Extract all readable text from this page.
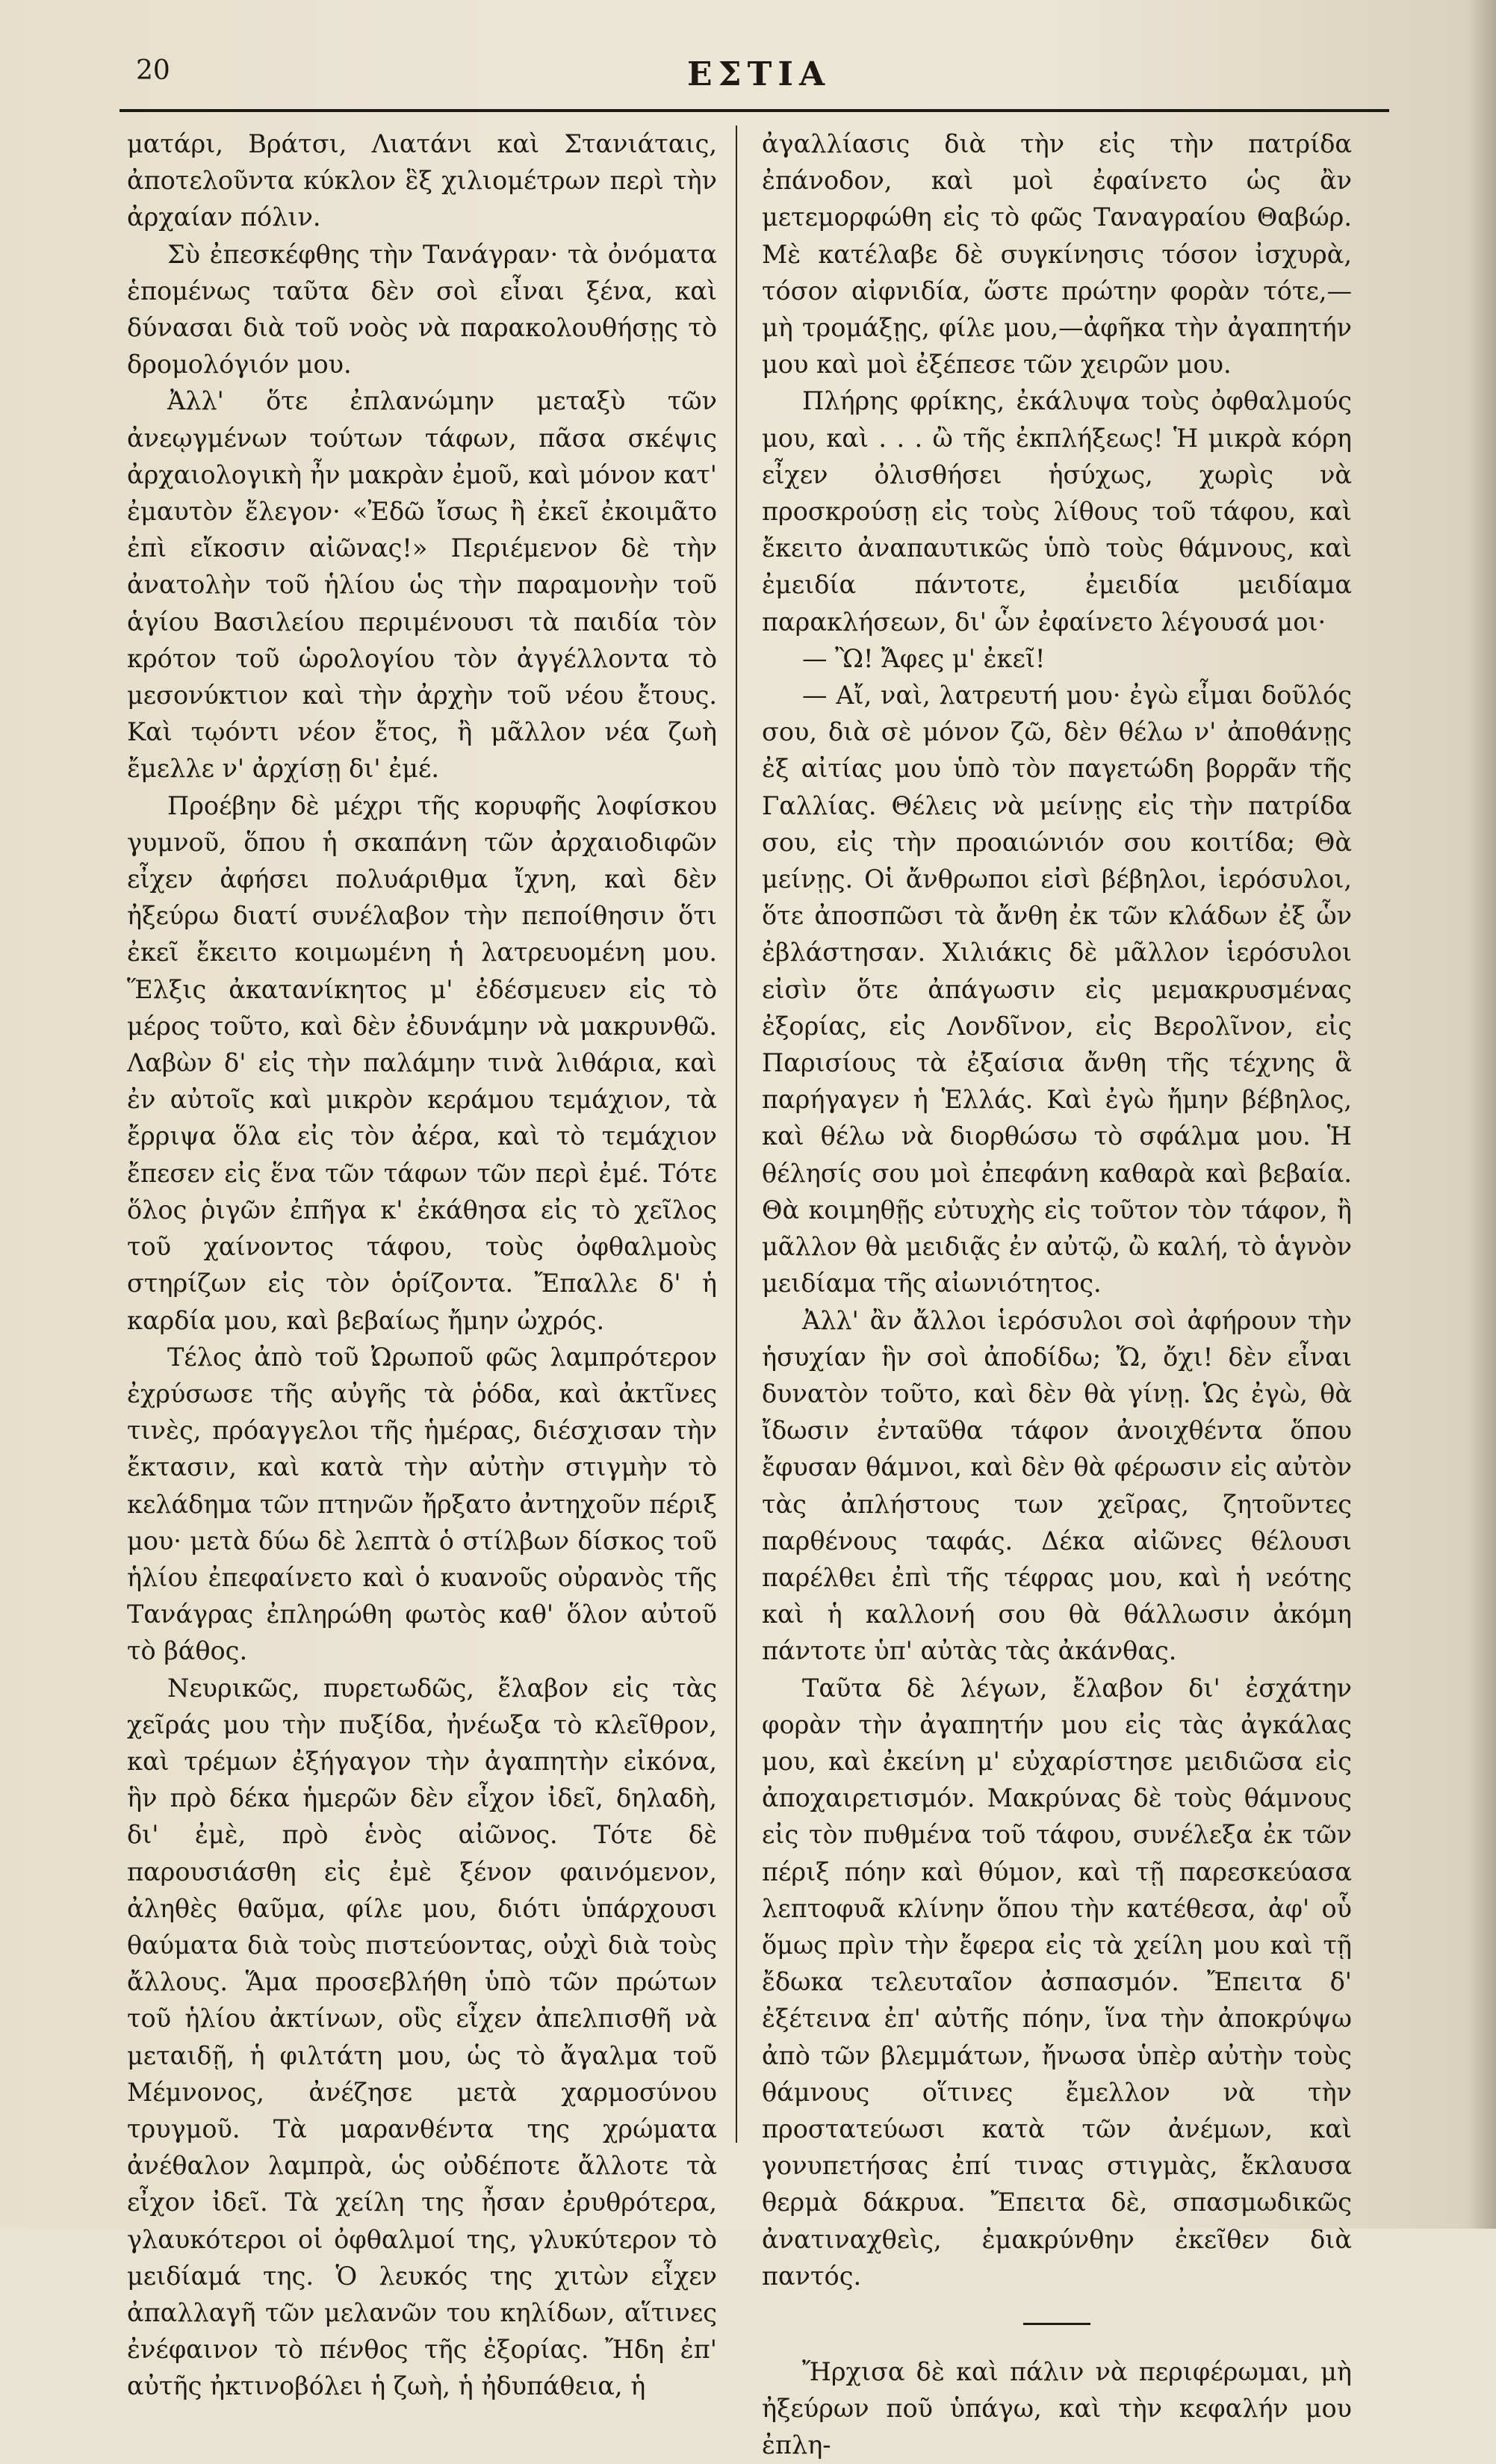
20	ΕΣΤΙΑ

ματάρι, Βράτσι, Λιατάνι καὶ Στανιάταις, ἀποτελοῦντα κύκλον ἓξ χιλιομέτρων περὶ τὴν ἀρχαίαν πόλιν.

Σὺ ἐπεσκέφθης τὴν Τανάγραν· τὰ ὀνόματα ἑπομένως ταῦτα δὲν σοὶ εἶναι ξένα, καὶ δύνασαι διὰ τοῦ νοὸς νὰ παρακολουθήσῃς τὸ δρομολόγιόν μου.

Ἀλλ' ὅτε ἐπλανώμην μεταξὺ τῶν ἀνεῳγμένων τούτων τάφων, πᾶσα σκέψις ἀρχαιολογικὴ ἦν μακρὰν ἐμοῦ, καὶ μόνον κατ' ἐμαυτὸν ἔλεγον· «Ἐδῶ ἴσως ἢ ἐκεῖ ἐκοιμᾶτο ἐπὶ εἴκοσιν αἰῶνας!» Περιέμενον δὲ τὴν ἀνατολὴν τοῦ ἡλίου ὡς τὴν παραμονὴν τοῦ ἁγίου Βασιλείου περιμένουσι τὰ παιδία τὸν κρότον τοῦ ὡρολογίου τὸν ἀγγέλλοντα τὸ μεσονύκτιον καὶ τὴν ἀρχὴν τοῦ νέου ἔτους. Καὶ τῳόντι νέον ἔτος, ἢ μᾶλλον νέα ζωὴ ἔμελλε ν' ἀρχίσῃ δι' ἐμέ.

Προέβην δὲ μέχρι τῆς κορυφῆς λοφίσκου γυμνοῦ, ὅπου ἡ σκαπάνη τῶν ἀρχαιοδιφῶν εἶχεν ἀφήσει πολυάριθμα ἴχνη, καὶ δὲν ἠξεύρω διατί συνέλαβον τὴν πεποίθησιν ὅτι ἐκεῖ ἔκειτο κοιμωμένη ἡ λατρευομένη μου. Ἕλξις ἀκατανίκητος μ' ἐδέσμευεν εἰς τὸ μέρος τοῦτο, καὶ δὲν ἐδυνάμην νὰ μακρυνθῶ. Λαβὼν δ' εἰς τὴν παλάμην τινὰ λιθάρια, καὶ ἐν αὐτοῖς καὶ μικρὸν κεράμου τεμάχιον, τὰ ἔρριψα ὅλα εἰς τὸν ἀέρα, καὶ τὸ τεμάχιον ἔπεσεν εἰς ἕνα τῶν τάφων τῶν περὶ ἐμέ. Τότε ὅλος ῥιγῶν ἐπῆγα κ' ἐκάθησα εἰς τὸ χεῖλος τοῦ χαίνοντος τάφου, τοὺς ὀφθαλμοὺς στηρίζων εἰς τὸν ὁρίζοντα. Ἔπαλλε δ' ἡ καρδία μου, καὶ βεβαίως ἤμην ὠχρός.

Τέλος ἀπὸ τοῦ Ὠρωποῦ φῶς λαμπρότερον ἐχρύσωσε τῆς αὐγῆς τὰ ῥόδα, καὶ ἀκτῖνες τινὲς, πρόαγγελοι τῆς ἡμέρας, διέσχισαν τὴν ἔκτασιν, καὶ κατὰ τὴν αὐτὴν στιγμὴν τὸ κελάδημα τῶν πτηνῶν ἤρξατο ἀντηχοῦν πέριξ μου· μετὰ δύω δὲ λεπτὰ ὁ στίλβων δίσκος τοῦ ἡλίου ἐπεφαίνετο καὶ ὁ κυανοῦς οὐρανὸς τῆς Τανάγρας ἐπληρώθη φωτὸς καθ' ὅλον αὐτοῦ τὸ βάθος.

Νευρικῶς, πυρετωδῶς, ἔλαβον εἰς τὰς χεῖράς μου τὴν πυξίδα, ἠνέωξα τὸ κλεῖθρον, καὶ τρέμων ἐξήγαγον τὴν ἀγαπητὴν εἰκόνα, ἣν πρὸ δέκα ἡμερῶν δὲν εἶχον ἰδεῖ, δηλαδὴ, δι' ἐμὲ, πρὸ ἑνὸς αἰῶνος. Τότε δὲ παρουσιάσθη εἰς ἐμὲ ξένον φαινόμενον, ἀληθὲς θαῦμα, φίλε μου, διότι ὑπάρχουσι θαύματα διὰ τοὺς πιστεύοντας, οὐχὶ διὰ τοὺς ἄλλους. Ἅμα προσεβλήθη ὑπὸ τῶν πρώτων τοῦ ἡλίου ἀκτίνων, οὓς εἶχεν ἀπελπισθῆ νὰ μεταιδῇ, ἡ φιλτάτη μου, ὡς τὸ ἄγαλμα τοῦ Μέμνονος, ἀνέζησε μετὰ χαρμοσύνου τρυγμοῦ. Τὰ μαρανθέντα της χρώματα ἀνέθαλον λαμπρὰ, ὡς οὐδέποτε ἄλλοτε τὰ εἶχον ἰδεῖ. Τὰ χείλη της ἦσαν ἐρυθρότερα, γλαυκότεροι οἱ ὀφθαλμοί της, γλυκύτερον τὸ μειδίαμά της. Ὁ λευκός της χιτὼν εἶχεν ἀπαλλαγῆ τῶν μελανῶν του κηλίδων, αἵτινες ἐνέφαινον τὸ πένθος τῆς ἐξορίας. Ἤδη ἐπ' αὐτῆς ἠκτινοβόλει ἡ ζωὴ, ἡ ἠδυπάθεια, ἡ

ἀγαλλίασις διὰ τὴν εἰς τὴν πατρίδα ἐπάνοδον, καὶ μοὶ ἐφαίνετο ὡς ἂν μετεμορφώθη εἰς τὸ φῶς Ταναγραίου Θαβώρ. Μὲ κατέλαβε δὲ συγκίνησις τόσον ἰσχυρὰ, τόσον αἰφνιδία, ὥστε πρώτην φορὰν τότε,—μὴ τρομάξῃς, φίλε μου,—ἀφῆκα τὴν ἀγαπητήν μου καὶ μοὶ ἐξέπεσε τῶν χειρῶν μου.

Πλήρης φρίκης, ἐκάλυψα τοὺς ὀφθαλμούς μου, καὶ . . . ὢ τῆς ἐκπλήξεως! Ἡ μικρὰ κόρη εἶχεν ὀλισθήσει ἡσύχως, χωρὶς νὰ προσκρούσῃ εἰς τοὺς λίθους τοῦ τάφου, καὶ ἔκειτο ἀναπαυτικῶς ὑπὸ τοὺς θάμνους, καὶ ἐμειδία πάντοτε, ἐμειδία μειδίαμα παρακλήσεων, δι' ὧν ἐφαίνετο λέγουσά μοι·

— Ὢ! Ἄφες μ' ἐκεῖ!

— Αἴ, ναὶ, λατρευτή μου· ἐγὼ εἶμαι δοῦλός σου, διὰ σὲ μόνον ζῶ, δὲν θέλω ν' ἀποθάνῃς ἐξ αἰτίας μου ὑπὸ τὸν παγετώδη βορρᾶν τῆς Γαλλίας. Θέλεις νὰ μείνῃς εἰς τὴν πατρίδα σου, εἰς τὴν προαιώνιόν σου κοιτίδα; Θὰ μείνῃς. Οἱ ἄνθρωποι εἰσὶ βέβηλοι, ἱερόσυλοι, ὅτε ἀποσπῶσι τὰ ἄνθη ἐκ τῶν κλάδων ἐξ ὧν ἐβλάστησαν. Χιλιάκις δὲ μᾶλλον ἱερόσυλοι εἰσὶν ὅτε ἀπάγωσιν εἰς μεμακρυσμένας ἐξορίας, εἰς Λονδῖνον, εἰς Βερολῖνον, εἰς Παρισίους τὰ ἐξαίσια ἄνθη τῆς τέχνης ἃ παρήγαγεν ἡ Ἑλλάς. Καὶ ἐγὼ ἤμην βέβηλος, καὶ θέλω νὰ διορθώσω τὸ σφάλμα μου. Ἡ θέλησίς σου μοὶ ἐπεφάνη καθαρὰ καὶ βεβαία. Θὰ κοιμηθῇς εὐτυχὴς εἰς τοῦτον τὸν τάφον, ἢ μᾶλλον θὰ μειδιᾷς ἐν αὐτῷ, ὢ καλή, τὸ ἁγνὸν μειδίαμα τῆς αἰωνιότητος.

Ἀλλ' ἂν ἄλλοι ἱερόσυλοι σοὶ ἀφήρουν τὴν ἡσυχίαν ἣν σοὶ ἀποδίδω; Ὤ, ὄχι! δὲν εἶναι δυνατὸν τοῦτο, καὶ δὲν θὰ γίνῃ. Ὡς ἐγὼ, θὰ ἴδωσιν ἐνταῦθα τάφον ἀνοιχθέντα ὅπου ἔφυσαν θάμνοι, καὶ δὲν θὰ φέρωσιν εἰς αὐτὸν τὰς ἀπλήστους των χεῖρας, ζητοῦντες παρθένους ταφάς. Δέκα αἰῶνες θέλουσι παρέλθει ἐπὶ τῆς τέφρας μου, καὶ ἡ νεότης καὶ ἡ καλλονή σου θὰ θάλλωσιν ἀκόμη πάντοτε ὑπ' αὐτὰς τὰς ἀκάνθας.

Ταῦτα δὲ λέγων, ἔλαβον δι' ἐσχάτην φορὰν τὴν ἀγαπητήν μου εἰς τὰς ἀγκάλας μου, καὶ ἐκείνη μ' εὐχαρίστησε μειδιῶσα εἰς ἀποχαιρετισμόν. Μακρύνας δὲ τοὺς θάμνους εἰς τὸν πυθμένα τοῦ τάφου, συνέλεξα ἐκ τῶν πέριξ πόην καὶ θύμον, καὶ τῇ παρεσκεύασα λεπτοφυᾶ κλίνην ὅπου τὴν κατέθεσα, ἀφ' οὗ ὅμως πρὶν τὴν ἔφερα εἰς τὰ χείλη μου καὶ τῇ ἔδωκα τελευταῖον ἀσπασμόν. Ἔπειτα δ' ἐξέτεινα ἐπ' αὐτῆς πόην, ἵνα τὴν ἀποκρύψω ἀπὸ τῶν βλεμμάτων, ἤνωσα ὑπὲρ αὐτὴν τοὺς θάμνους οἵτινες ἔμελλον νὰ τὴν προστατεύωσι κατὰ τῶν ἀνέμων, καὶ γονυπετήσας ἐπί τινας στιγμὰς, ἔκλαυσα θερμὰ δάκρυα. Ἔπειτα δὲ, σπασμωδικῶς ἀνατιναχθεὶς, ἐμακρύνθην ἐκεῖθεν διὰ παντός.

Ἤρχισα δὲ καὶ πάλιν νὰ περιφέρωμαι, μὴ ἠξεύρων ποῦ ὑπάγω, καὶ τὴν κεφαλήν μου ἐπλη-
